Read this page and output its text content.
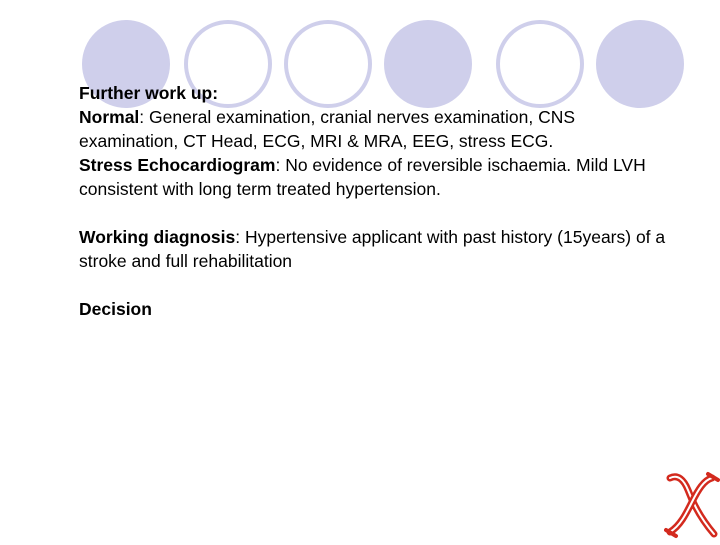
Further work up:
Normal: General examination, cranial nerves examination, CNS examination, CT Head, ECG, MRI & MRA, EEG, stress ECG.
Stress Echocardiogram: No evidence of reversible ischaemia. Mild LVH consistent with long term treated hypertension.

Working diagnosis: Hypertensive applicant with past history (15years) of a stroke and full rehabilitation

Decision
